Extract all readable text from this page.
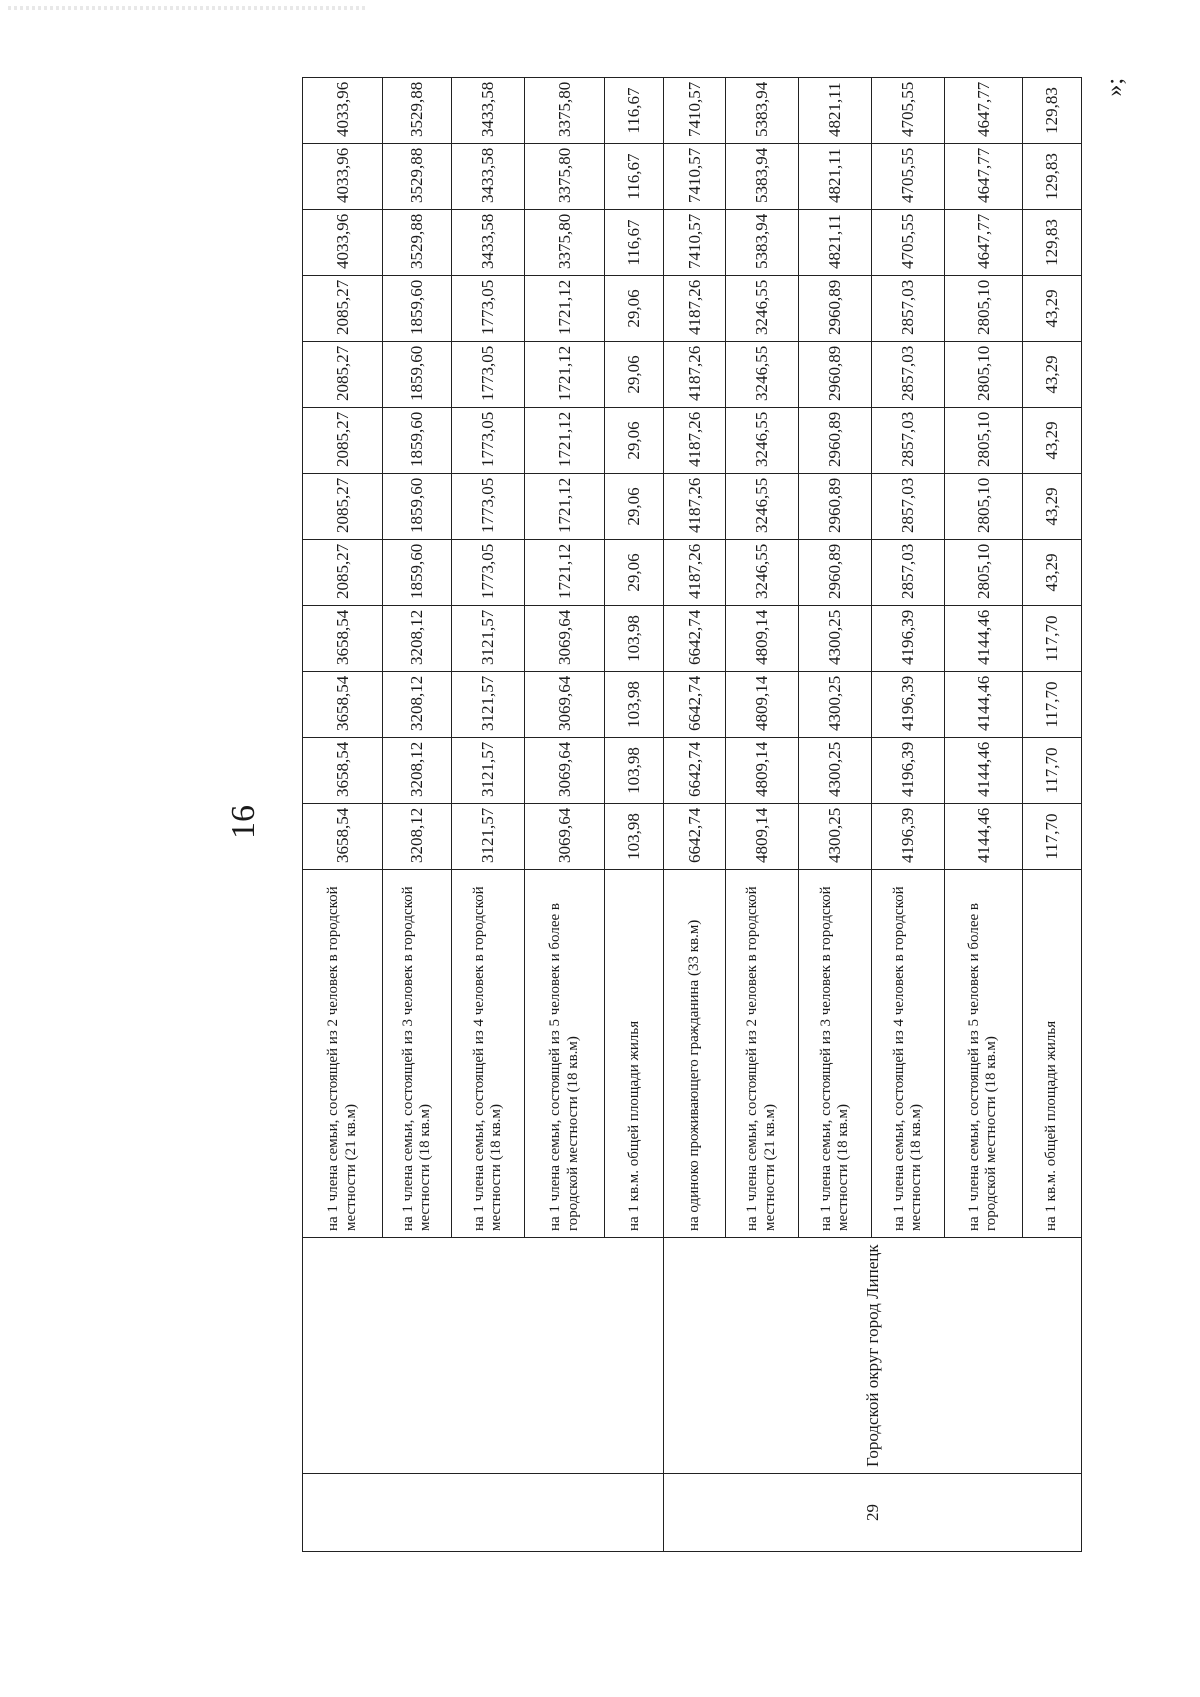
16
		на 1 члена семьи, состоящей из 2 человек в городской местности (21 кв.м)	3658,54	3658,54	3658,54	3658,54	2085,27	2085,27	2085,27	2085,27	2085,27	4033,96	4033,96	4033,96
		на 1 члена семьи, состоящей из 3 человек в городской местности (18 кв.м)	3208,12	3208,12	3208,12	3208,12	1859,60	1859,60	1859,60	1859,60	1859,60	3529,88	3529,88	3529,88
		на 1 члена семьи, состоящей из 4 человек в городской местности (18 кв.м)	3121,57	3121,57	3121,57	3121,57	1773,05	1773,05	1773,05	1773,05	1773,05	3433,58	3433,58	3433,58
		на 1 члена семьи, состоящей из 5 человек и более в городской местности (18 кв.м)	3069,64	3069,64	3069,64	3069,64	1721,12	1721,12	1721,12	1721,12	1721,12	3375,80	3375,80	3375,80
		на 1 кв.м. общей площади жилья	103,98	103,98	103,98	103,98	29,06	29,06	29,06	29,06	29,06	116,67	116,67	116,67
29	Городской округ город Липецк	на одиноко проживающего гражданина (33 кв.м)	6642,74	6642,74	6642,74	6642,74	4187,26	4187,26	4187,26	4187,26	4187,26	7410,57	7410,57	7410,57
		на 1 члена семьи, состоящей из 2 человек в городской местности (21 кв.м)	4809,14	4809,14	4809,14	4809,14	3246,55	3246,55	3246,55	3246,55	3246,55	5383,94	5383,94	5383,94
		на 1 члена семьи, состоящей из 3 человек в городской местности (18 кв.м)	4300,25	4300,25	4300,25	4300,25	2960,89	2960,89	2960,89	2960,89	2960,89	4821,11	4821,11	4821,11
		на 1 члена семьи, состоящей из 4 человек в городской местности (18 кв.м)	4196,39	4196,39	4196,39	4196,39	2857,03	2857,03	2857,03	2857,03	2857,03	4705,55	4705,55	4705,55
		на 1 члена семьи, состоящей из 5 человек и более в городской местности (18 кв.м)	4144,46	4144,46	4144,46	4144,46	2805,10	2805,10	2805,10	2805,10	2805,10	4647,77	4647,77	4647,77
		на 1 кв.м. общей площади жилья	117,70	117,70	117,70	117,70	43,29	43,29	43,29	43,29	43,29	129,83	129,83	129,83 »;
